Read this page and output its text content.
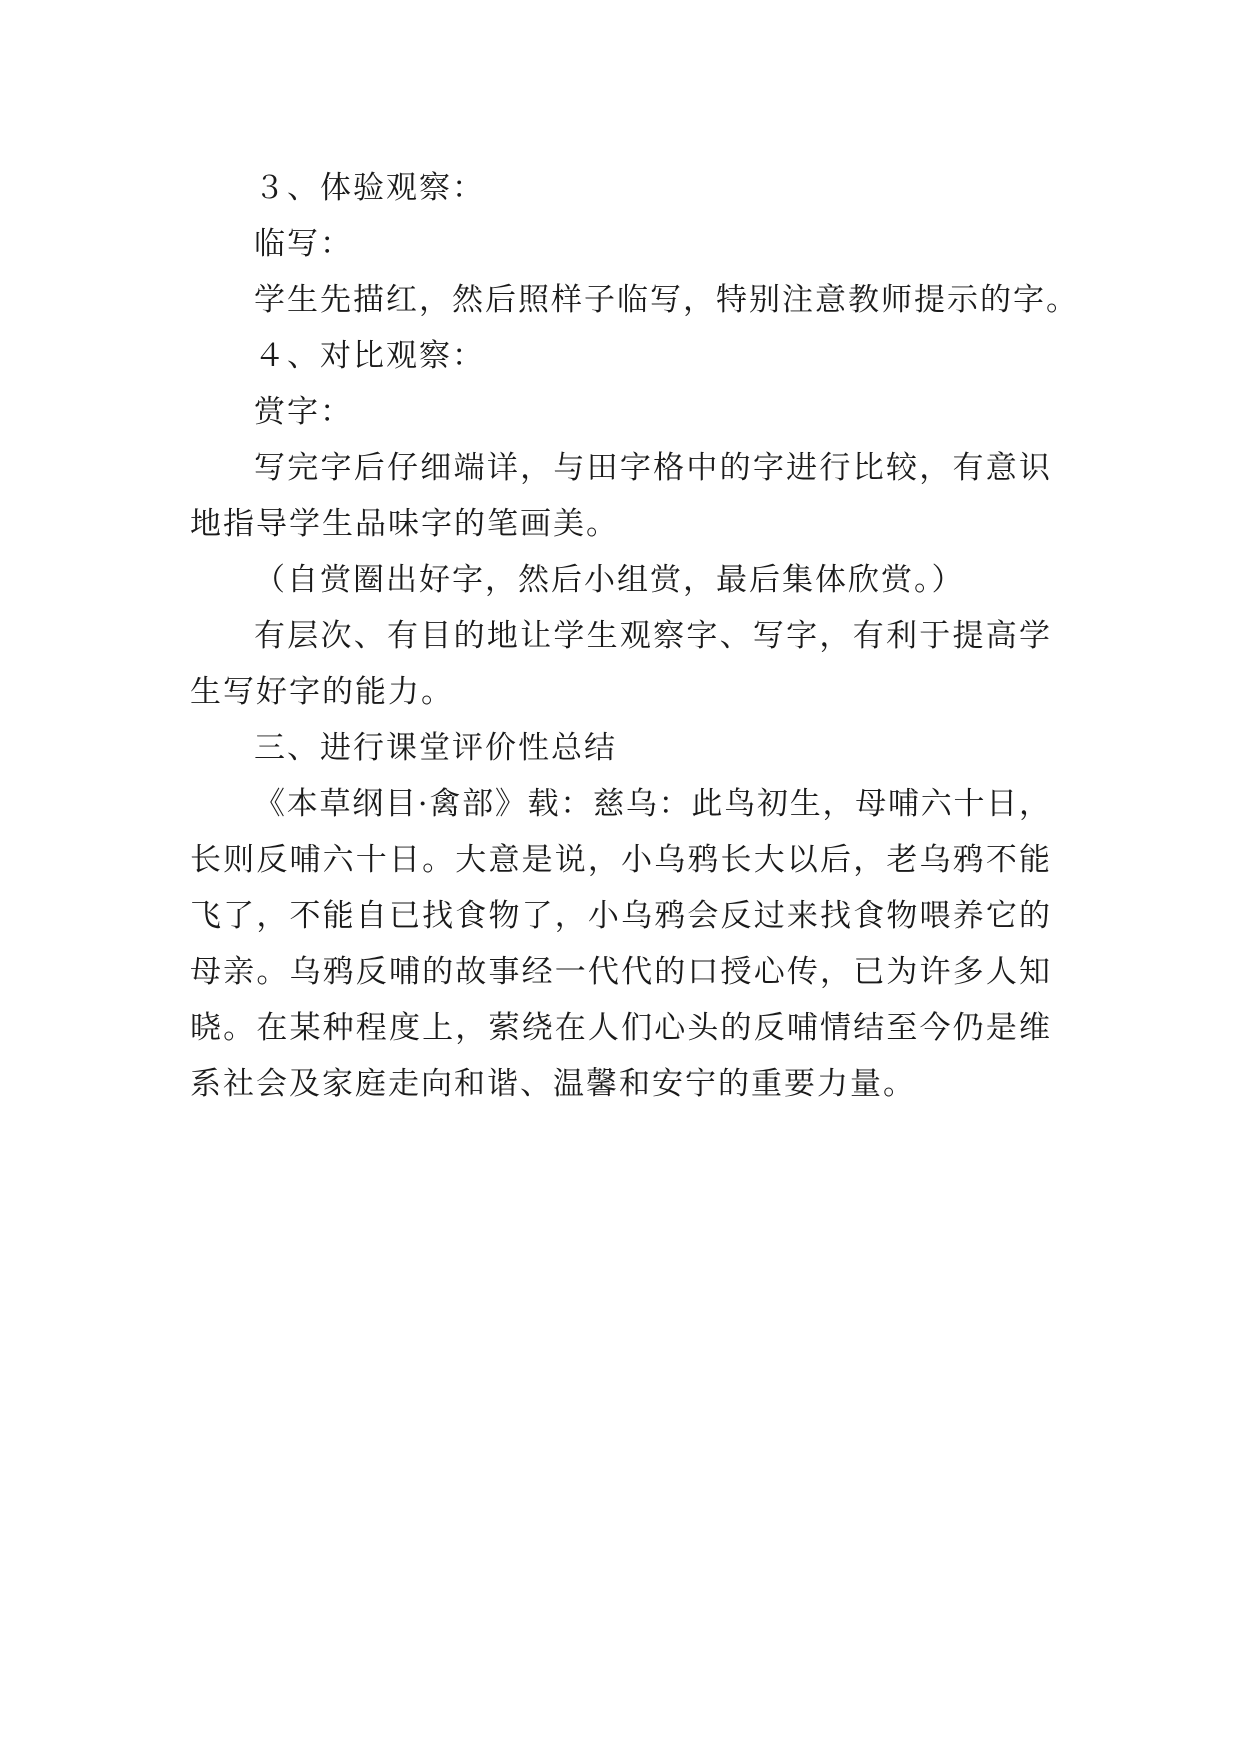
３、体验观察：
临写：
学生先描红，然后照样子临写，特别注意教师提示的字。
４、对比观察：
赏字：
写完字后仔细端详，与田字格中的字进行比较，有意识
地指导学生品味字的笔画美。
（自赏圈出好字，然后小组赏，最后集体欣赏。）
有层次、有目的地让学生观察字、写字，有利于提高学
生写好字的能力。
三、进行课堂评价性总结
《本草纲目·禽部》载：慈乌：此鸟初生，母哺六十日，
长则反哺六十日。大意是说，小乌鸦长大以后，老乌鸦不能
飞了，不能自已找食物了，小乌鸦会反过来找食物喂养它的
母亲。乌鸦反哺的故事经一代代的口授心传，已为许多人知
晓。在某种程度上，萦绕在人们心头的反哺情结至今仍是维
系社会及家庭走向和谐、温馨和安宁的重要力量。
